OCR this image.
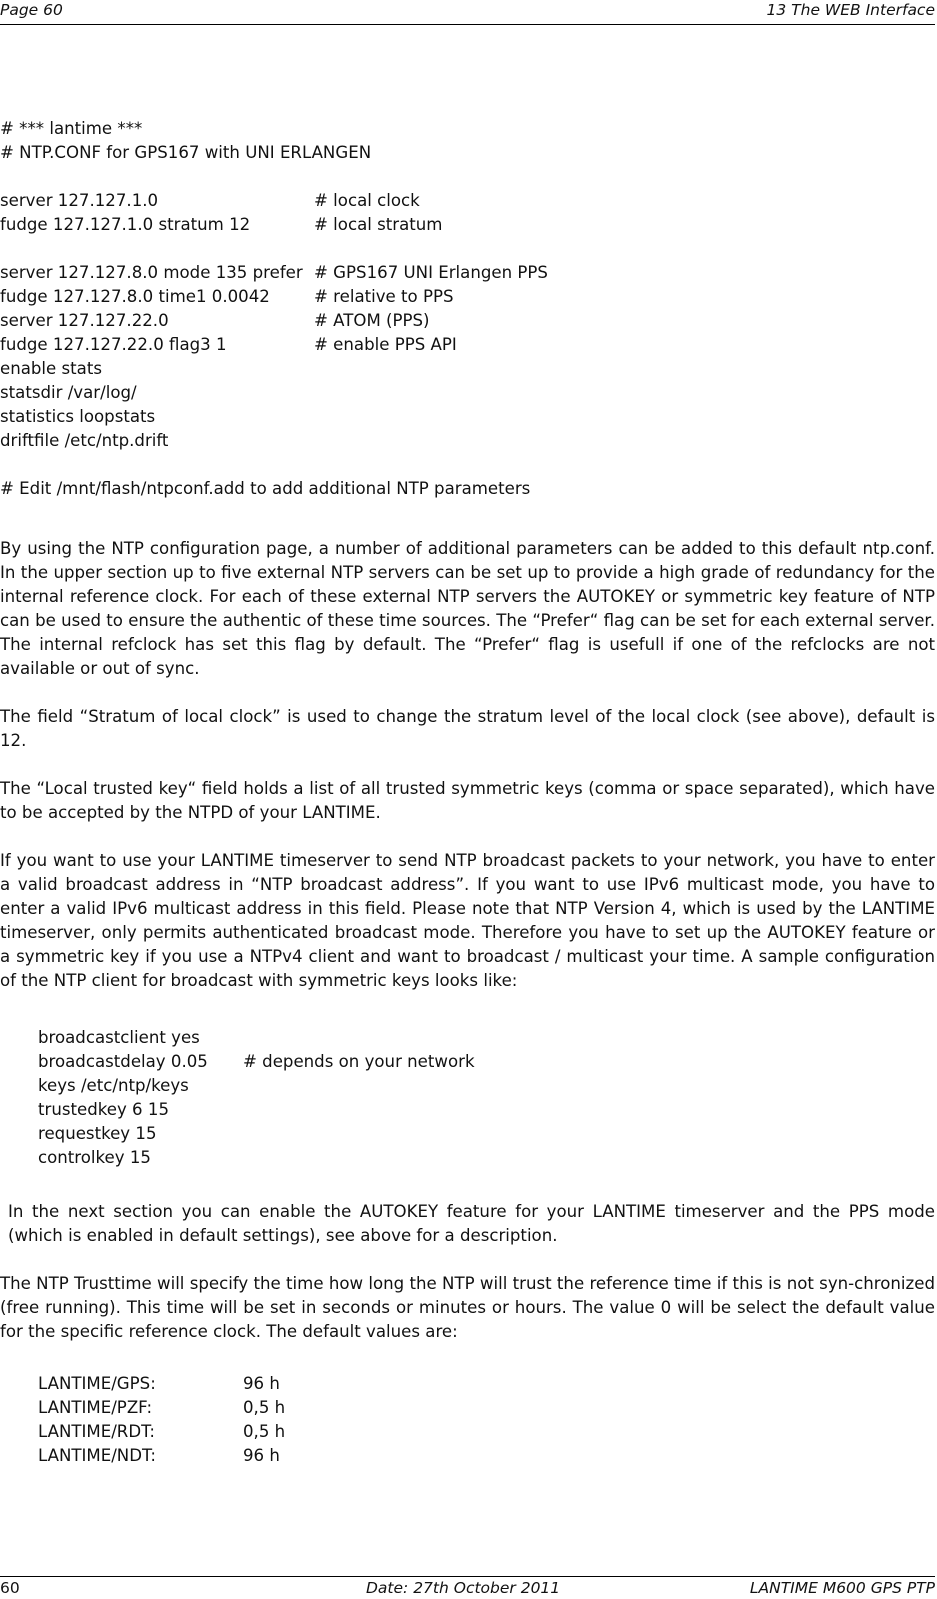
Page 60	13 The WEB Interface
# *** lantime ***
# NTP.CONF for GPS167 with UNI ERLANGEN
server 127.127.1.0	# local clock
fudge 127.127.1.0 stratum 12	# local stratum
server 127.127.8.0 mode 135 prefer # GPS167 UNI Erlangen PPS
fudge 127.127.8.0 time1 0.0042	# relative to PPS
server 127.127.22.0	# ATOM (PPS)
fudge 127.127.22.0 flag3 1	# enable PPS API
enable stats
statsdir /var/log/
statistics loopstats
driftfile /etc/ntp.drift
# Edit /mnt/flash/ntpconf.add to add additional NTP parameters
By using the NTP configuration page, a number of additional parameters can be added to this default ntp.conf. In the upper section up to five external NTP servers can be set up to provide a high grade of redundancy for the internal reference clock. For each of these external NTP servers the AUTOKEY or symmetric key feature of NTP can be used to ensure the authentic of these time sources. The “Prefer“ flag can be set for each external server. The internal refclock has set this flag by default. The “Prefer“ flag is usefull if one of the refclocks are not available or out of sync.
The field “Stratum of local clock” is used to change the stratum level of the local clock (see above), default is 12.
The “Local trusted key“ field holds a list of all trusted symmetric keys (comma or space separated), which have to be accepted by the NTPD of your LANTIME.
If you want to use your LANTIME timeserver to send NTP broadcast packets to your network, you have to enter a valid broadcast address in “NTP broadcast address”. If you want to use IPv6 multicast mode, you have to enter a valid IPv6 multicast address in this field. Please note that NTP Version 4, which is used by the LANTIME timeserver, only permits authenticated broadcast mode. Therefore you have to set up the AUTOKEY feature or a symmetric key if you use a NTPv4 client and want to broadcast / multicast your time. A sample configuration of the NTP client for broadcast with symmetric keys looks like:
broadcastclient yes
broadcastdelay 0.05 # depends on your network
keys /etc/ntp/keys
trustedkey 6 15
requestkey 15
controlkey 15
In the next section you can enable the AUTOKEY feature for your LANTIME timeserver and the PPS mode (which is enabled in default settings), see above for a description.
The NTP Trusttime will specify the time how long the NTP will trust the reference time if this is not syn-chronized (free running). This time will be set in seconds or minutes or hours. The value 0 will be select the default value for the specific reference clock. The default values are:
LANTIME/GPS:	96 h
LANTIME/PZF:	0,5 h
LANTIME/RDT:	0,5 h
LANTIME/NDT:	96 h
60	Date: 27th October 2011	LANTIME M600 GPS PTP
